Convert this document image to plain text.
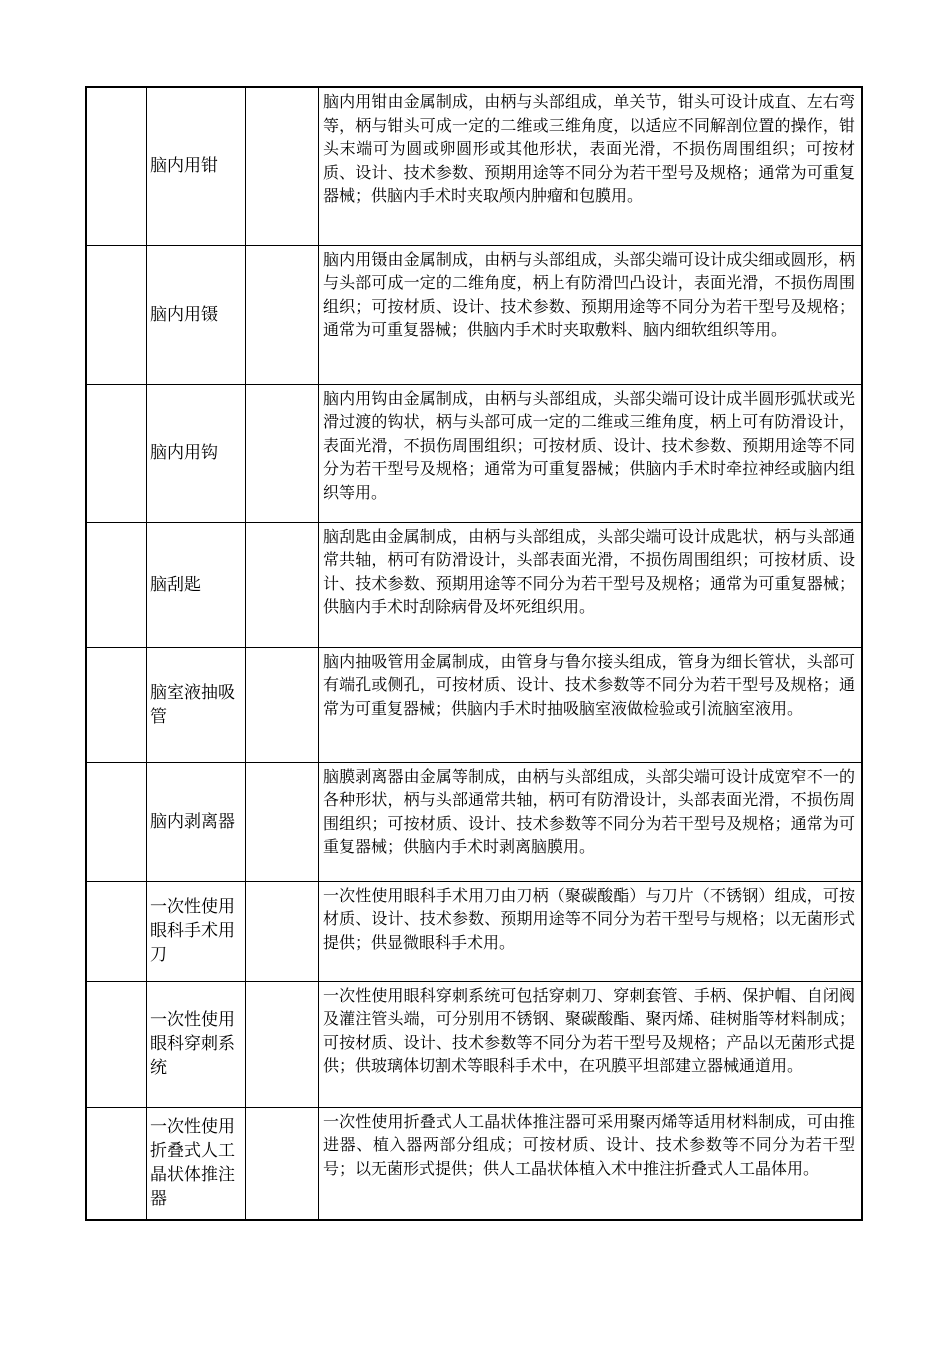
	脑内用钳		脑内用钳由金属制成，由柄与头部组成，单关节，钳头可设计成直、左右弯等，柄与钳头可成一定的二维或三维角度，以适应不同解剖位置的操作，钳头末端可为圆或卵圆形或其他形状，表面光滑，不损伤周围组织；可按材质、设计、技术参数、预期用途等不同分为若干型号及规格；通常为可重复器械；供脑内手术时夹取颅内肿瘤和包膜用。
	脑内用镊		脑内用镊由金属制成，由柄与头部组成，头部尖端可设计成尖细或圆形，柄与头部可成一定的二维角度，柄上有防滑凹凸设计，表面光滑，不损伤周围组织；可按材质、设计、技术参数、预期用途等不同分为若干型号及规格；通常为可重复器械；供脑内手术时夹取敷料、脑内细软组织等用。
	脑内用钩		脑内用钩由金属制成，由柄与头部组成，头部尖端可设计成半圆形弧状或光滑过渡的钩状，柄与头部可成一定的二维或三维角度，柄上可有防滑设计，表面光滑，不损伤周围组织；可按材质、设计、技术参数、预期用途等不同分为若干型号及规格；通常为可重复器械；供脑内手术时牵拉神经或脑内组织等用。
	脑刮匙		脑刮匙由金属制成，由柄与头部组成，头部尖端可设计成匙状，柄与头部通常共轴，柄可有防滑设计，头部表面光滑，不损伤周围组织；可按材质、设计、技术参数、预期用途等不同分为若干型号及规格；通常为可重复器械；供脑内手术时刮除病骨及坏死组织用。
	脑室液抽吸管		脑内抽吸管用金属制成，由管身与鲁尔接头组成，管身为细长管状，头部可有端孔或侧孔，可按材质、设计、技术参数等不同分为若干型号及规格；通常为可重复器械；供脑内手术时抽吸脑室液做检验或引流脑室液用。
	脑内剥离器		脑膜剥离器由金属等制成，由柄与头部组成，头部尖端可设计成宽窄不一的各种形状，柄与头部通常共轴，柄可有防滑设计，头部表面光滑，不损伤周围组织；可按材质、设计、技术参数等不同分为若干型号及规格；通常为可重复器械；供脑内手术时剥离脑膜用。
	一次性使用眼科手术用刀		一次性使用眼科手术用刀由刀柄（聚碳酸酯）与刀片（不锈钢）组成，可按材质、设计、技术参数、预期用途等不同分为若干型号与规格；以无菌形式提供；供显微眼科手术用。
	一次性使用眼科穿刺系统		一次性使用眼科穿刺系统可包括穿刺刀、穿刺套管、手柄、保护帽、自闭阀及灌注管头端，可分别用不锈钢、聚碳酸酯、聚丙烯、硅树脂等材料制成；可按材质、设计、技术参数等不同分为若干型号及规格；产品以无菌形式提供；供玻璃体切割术等眼科手术中，在巩膜平坦部建立器械通道用。
	一次性使用折叠式人工晶状体推注器		一次性使用折叠式人工晶状体推注器可采用聚丙烯等适用材料制成，可由推进器、植入器两部分组成；可按材质、设计、技术参数等不同分为若干型号；以无菌形式提供；供人工晶状体植入术中推注折叠式人工晶体用。
